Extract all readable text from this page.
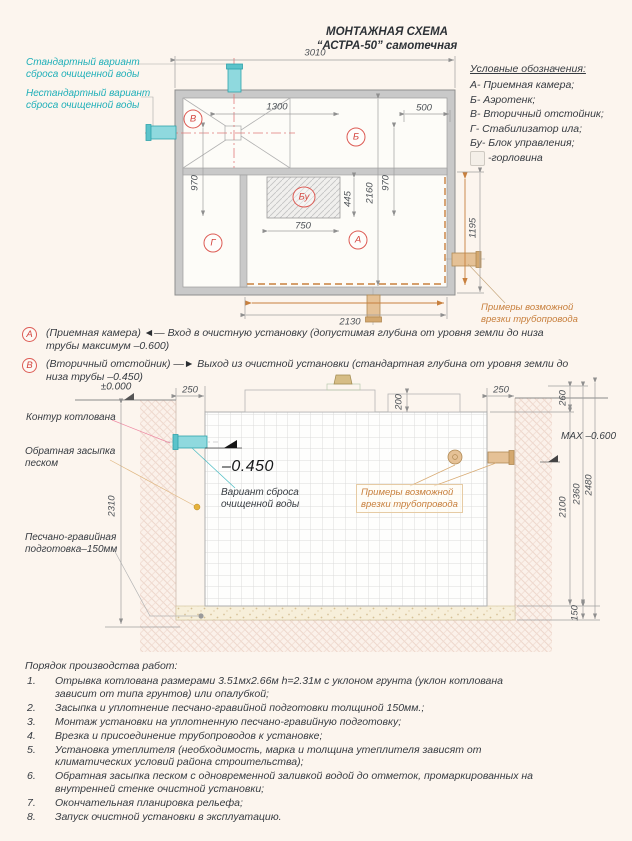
МОНТАЖНАЯ СХЕМА
“АСТРА-50” самотечная
Условные обозначения:
А- Приемная камера;
Б- Аэротенк;
В- Вторичный отстойник;
Г- Стабилизатор ила;
Бу- Блок управления;
-горловина
Стандартный вариант сброса очищенной воды
Нестандартный вариант сброса очищенной воды
3010
1300	500
970	970
2160
445
750
2130
1195
В
Б
Г	А
Бу
Примеры возможной
врезки трубопровода
А	(Приемная камера) ◄— Вход в очистную установку (допустимая глубина от уровня земли до низа трубы максимум –0.600)
В	(Вторичный отстойник) —► Выход из очистной установки (стандартная глубина от уровня земли до низа трубы –0.450)
±0.000	250
200
250
260
2310	2100
2360 2480
150
MAX –0.600
–0.450
Контур котлована
Обратная засыпка
песком
Песчано-гравийная
подготовка–150мм
Вариант сброса
очищенной воды
Примеры возможной
врезки трубопровода
Порядок производства работ:
1. Отрывка котлована размерами 3.51мх2.66м h=2.31м с уклоном грунта (уклон котлована зависит от типа грунтов) или опалубкой;
2. Засыпка и уплотнение песчано-гравийной подготовки толщиной 150мм.;
3. Монтаж установки на уплотненную песчано-гравийную подготовку;
4. Врезка и присоединение трубопроводов к установке;
5. Установка утеплителя (необходимость, марка и толщина утеплителя зависят от климатических условий района строительства);
6. Обратная засыпка песком с одновременной заливкой водой до отметок, промаркированных на внутренней стенке очистной установки;
7. Окончательная планировка рельефа;
8. Запуск очистной установки в эксплуатацию.
